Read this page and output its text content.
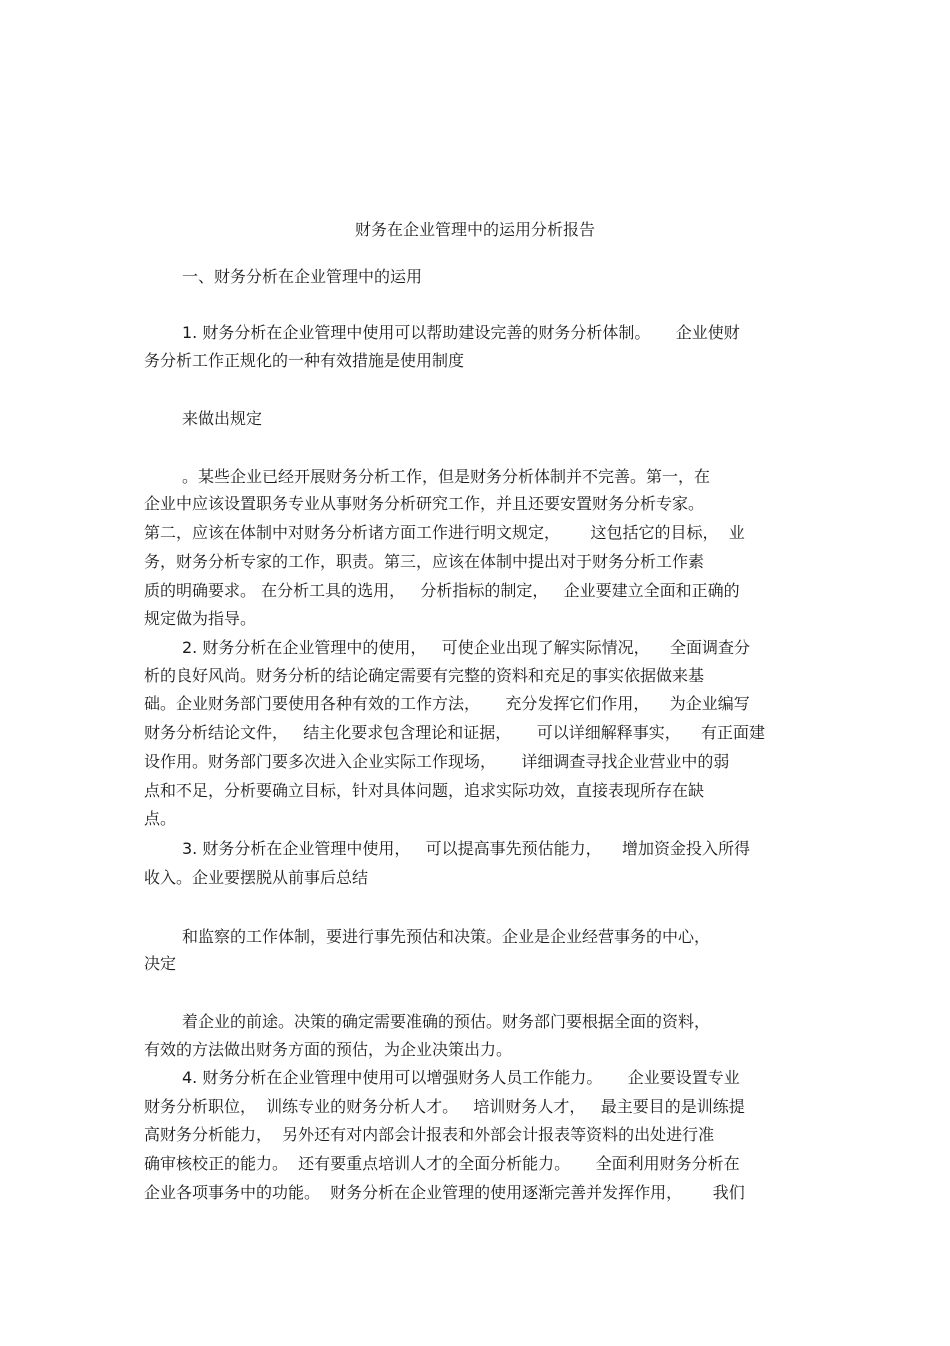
财务在企业管理中的运用分析报告
一、财务分析在企业管理中的运用
1. 财务分析在企业管理中使用可以帮助建设完善的财务分析体制。     企业使财
务分析工作正规化的一种有效措施是使用制度
来做出规定
。某些企业已经开展财务分析工作，但是财务分析体制并不完善。第一，在
企业中应该设置职务专业从事财务分析研究工作，并且还要安置财务分析专家。
第二，应该在体制中对财务分析诸方面工作进行明文规定，      这包括它的目标，  业
务，财务分析专家的工作，职责。第三，应该在体制中提出对于财务分析工作素
质的明确要求。 在分析工具的选用，   分析指标的制定，   企业要建立全面和正确的
规定做为指导。
2. 财务分析在企业管理中的使用，   可使企业出现了解实际情况，    全面调查分
析的良好风尚。财务分析的结论确定需要有完整的资料和充足的事实依据做来基
础。企业财务部门要使用各种有效的工作方法，     充分发挥它们作用，    为企业编写
财务分析结论文件，   结主化要求包含理论和证据，     可以详细解释事实，    有正面建
设作用。财务部门要多次进入企业实际工作现场，     详细调查寻找企业营业中的弱
点和不足，分析要确立目标，针对具体问题，追求实际功效，直接表现所存在缺
点。
3. 财务分析在企业管理中使用，   可以提高事先预估能力，    增加资金投入所得
收入。企业要摆脱从前事后总结
和监察的工作体制，要进行事先预估和决策。企业是企业经营事务的中心，
决定
着企业的前途。决策的确定需要准确的预估。财务部门要根据全面的资料，
有效的方法做出财务方面的预估，为企业决策出力。
4. 财务分析在企业管理中使用可以增强财务人员工作能力。     企业要设置专业
财务分析职位，  训练专业的财务分析人才。   培训财务人才，   最主要目的是训练提
高财务分析能力，  另外还有对内部会计报表和外部会计报表等资料的出处进行准
确审核校正的能力。  还有要重点培训人才的全面分析能力。     全面利用财务分析在
企业各项事务中的功能。  财务分析在企业管理的使用逐渐完善并发挥作用，      我们
